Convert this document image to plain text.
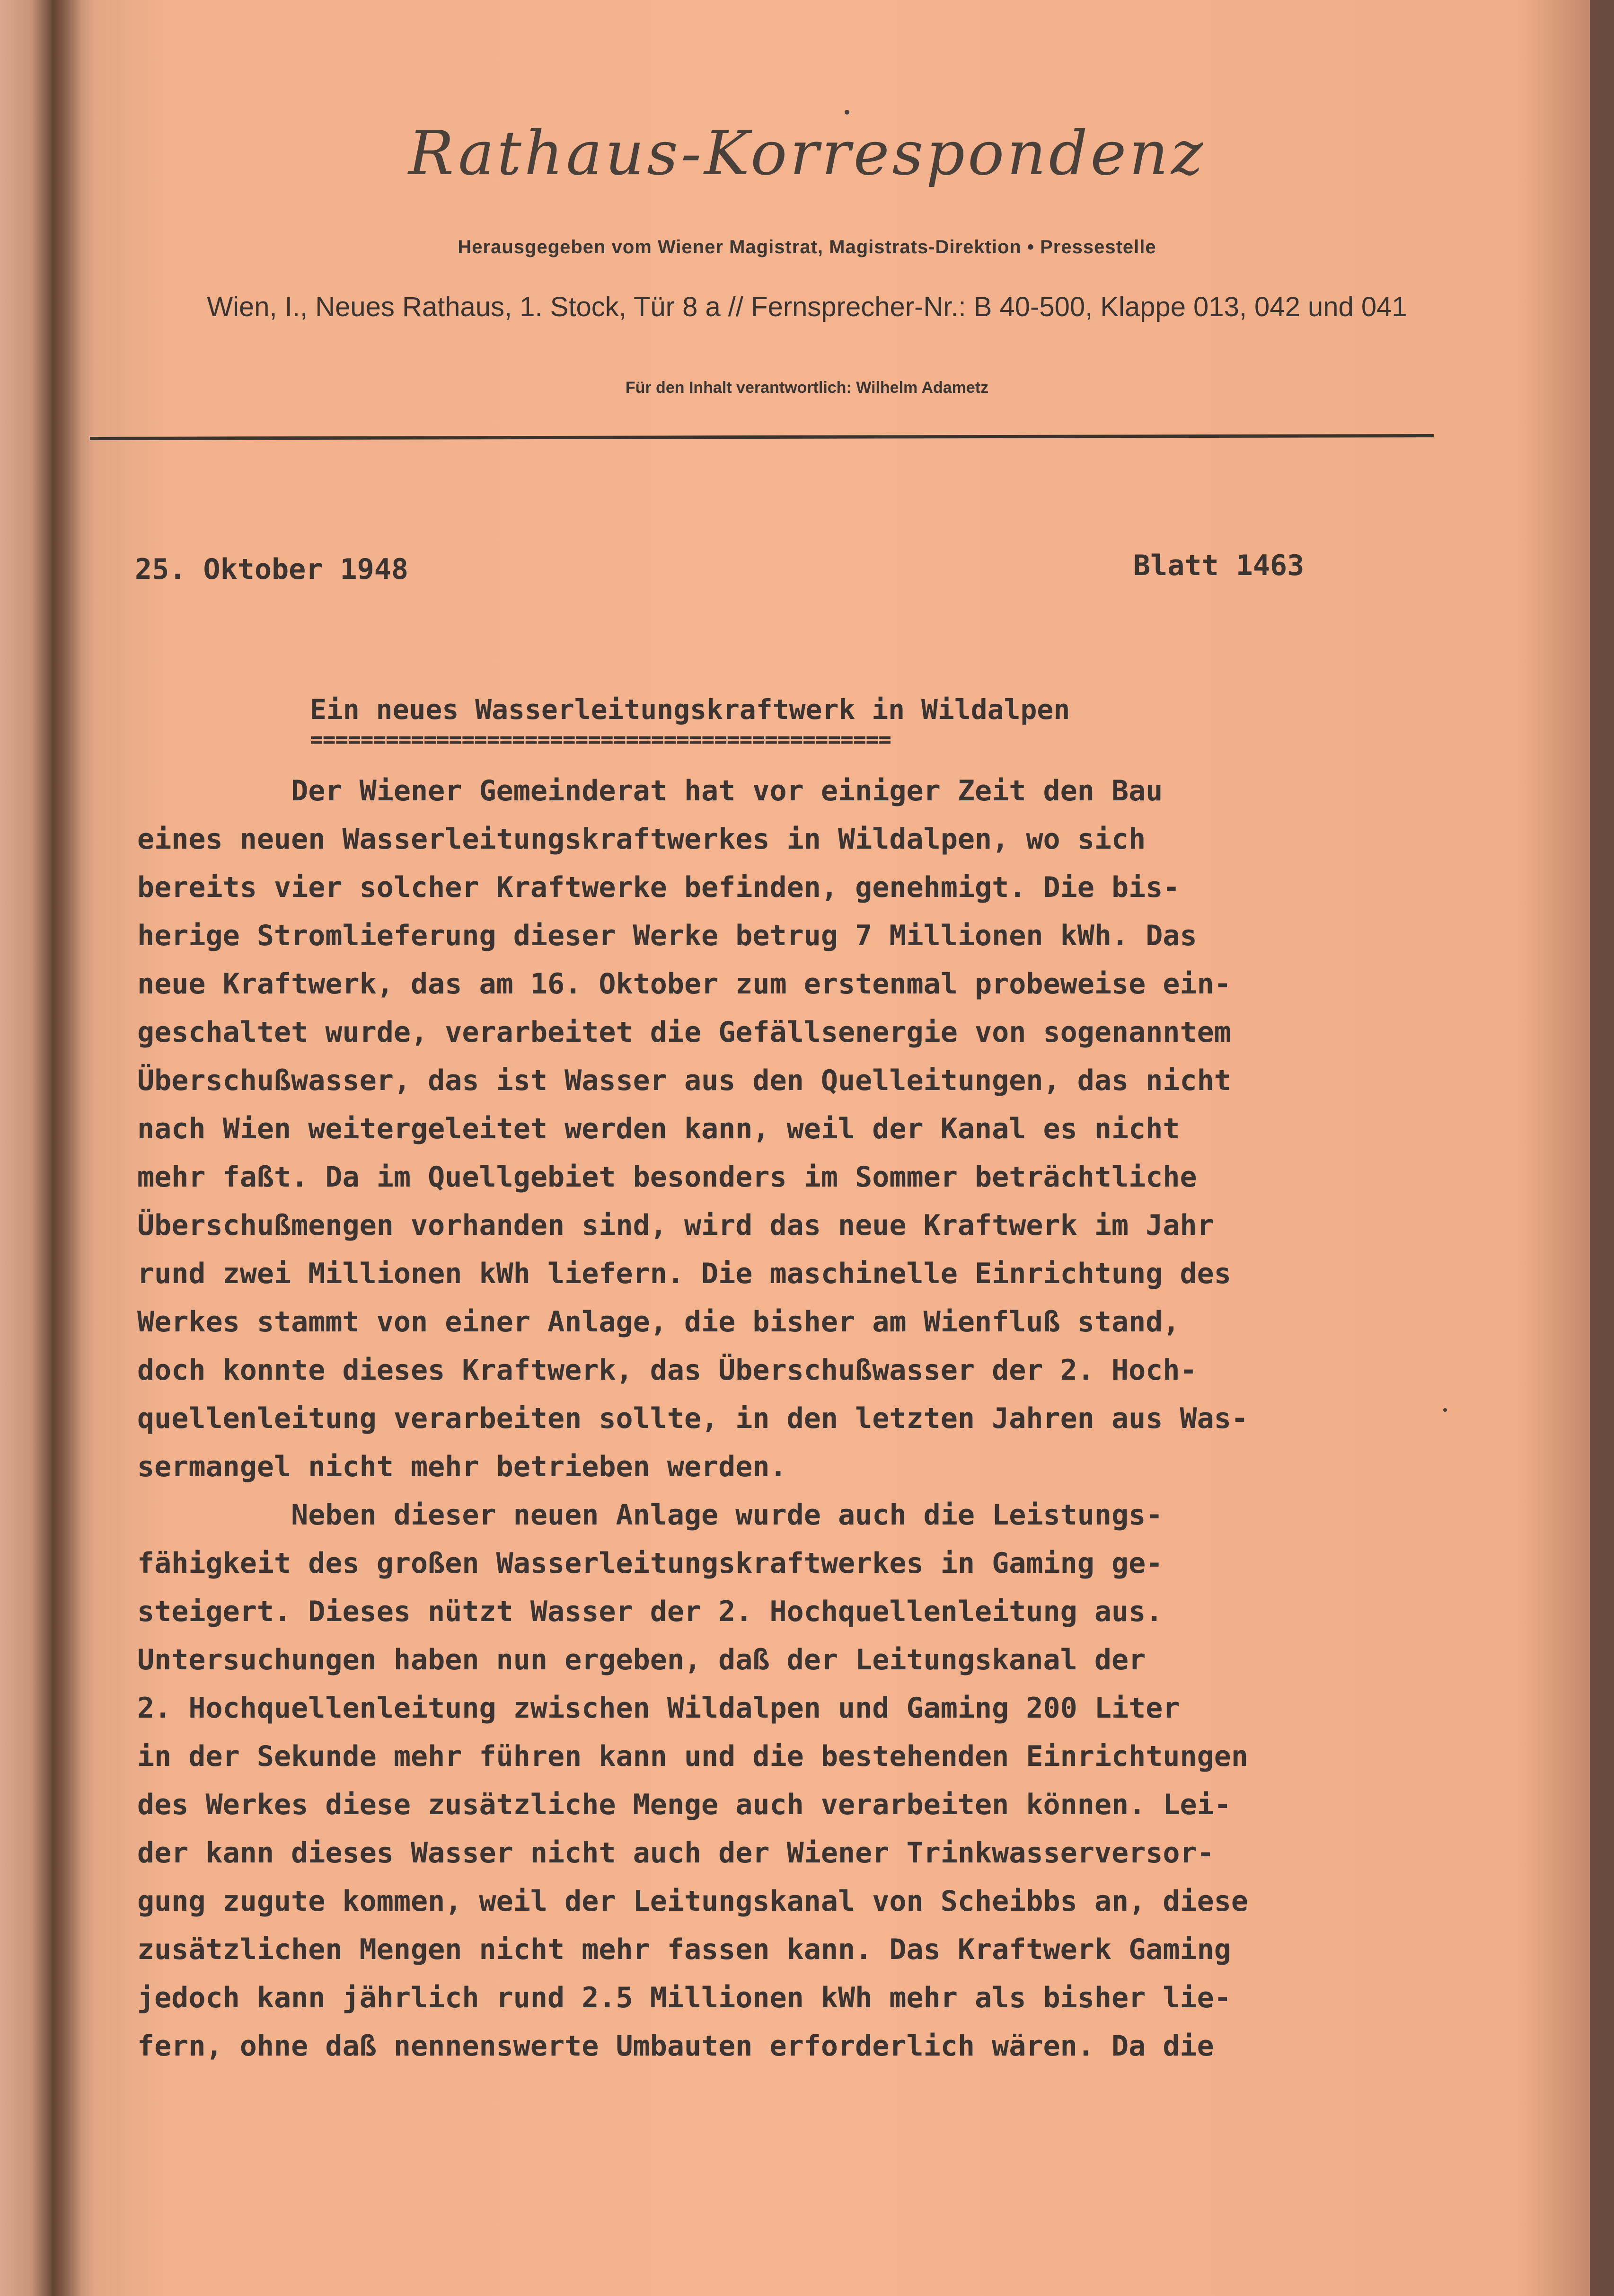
Rathaus-Korrespondenz
Herausgegeben vom Wiener Magistrat, Magistrats-Direktion • Pressestelle
Wien, I., Neues Rathaus, 1. Stock, Tür 8 a // Fernsprecher-Nr.: B 40-500, Klappe 013, 042 und 041
Für den Inhalt verantwortlich: Wilhelm Adametz
25. Oktober 1948	Blatt 1463
Ein neues Wasserleitungskraftwerk in Wildalpen
==============================================
Der Wiener Gemeinderat hat vor einiger Zeit den Bau
eines neuen Wasserleitungskraftwerkes in Wildalpen, wo sich
bereits vier solcher Kraftwerke befinden, genehmigt. Die bis-
herige Stromlieferung dieser Werke betrug 7 Millionen kWh. Das
neue Kraftwerk, das am 16. Oktober zum erstenmal probeweise ein-
geschaltet wurde, verarbeitet die Gefällsenergie von sogenanntem
Überschußwasser, das ist Wasser aus den Quelleitungen, das nicht
nach Wien weitergeleitet werden kann, weil der Kanal es nicht
mehr faßt. Da im Quellgebiet besonders im Sommer beträchtliche
Überschußmengen vorhanden sind, wird das neue Kraftwerk im Jahr
rund zwei Millionen kWh liefern. Die maschinelle Einrichtung des
Werkes stammt von einer Anlage, die bisher am Wienfluß stand,
doch konnte dieses Kraftwerk, das Überschußwasser der 2. Hoch-
quellenleitung verarbeiten sollte, in den letzten Jahren aus Was-
sermangel nicht mehr betrieben werden.
Neben dieser neuen Anlage wurde auch die Leistungs-
fähigkeit des großen Wasserleitungskraftwerkes in Gaming ge-
steigert. Dieses nützt Wasser der 2. Hochquellenleitung aus.
Untersuchungen haben nun ergeben, daß der Leitungskanal der
2. Hochquellenleitung zwischen Wildalpen und Gaming 200 Liter
in der Sekunde mehr führen kann und die bestehenden Einrichtungen
des Werkes diese zusätzliche Menge auch verarbeiten können. Lei-
der kann dieses Wasser nicht auch der Wiener Trinkwasserversor-
gung zugute kommen, weil der Leitungskanal von Scheibbs an, diese
zusätzlichen Mengen nicht mehr fassen kann. Das Kraftwerk Gaming
jedoch kann jährlich rund 2.5 Millionen kWh mehr als bisher lie-
fern, ohne daß nennenswerte Umbauten erforderlich wären. Da die
